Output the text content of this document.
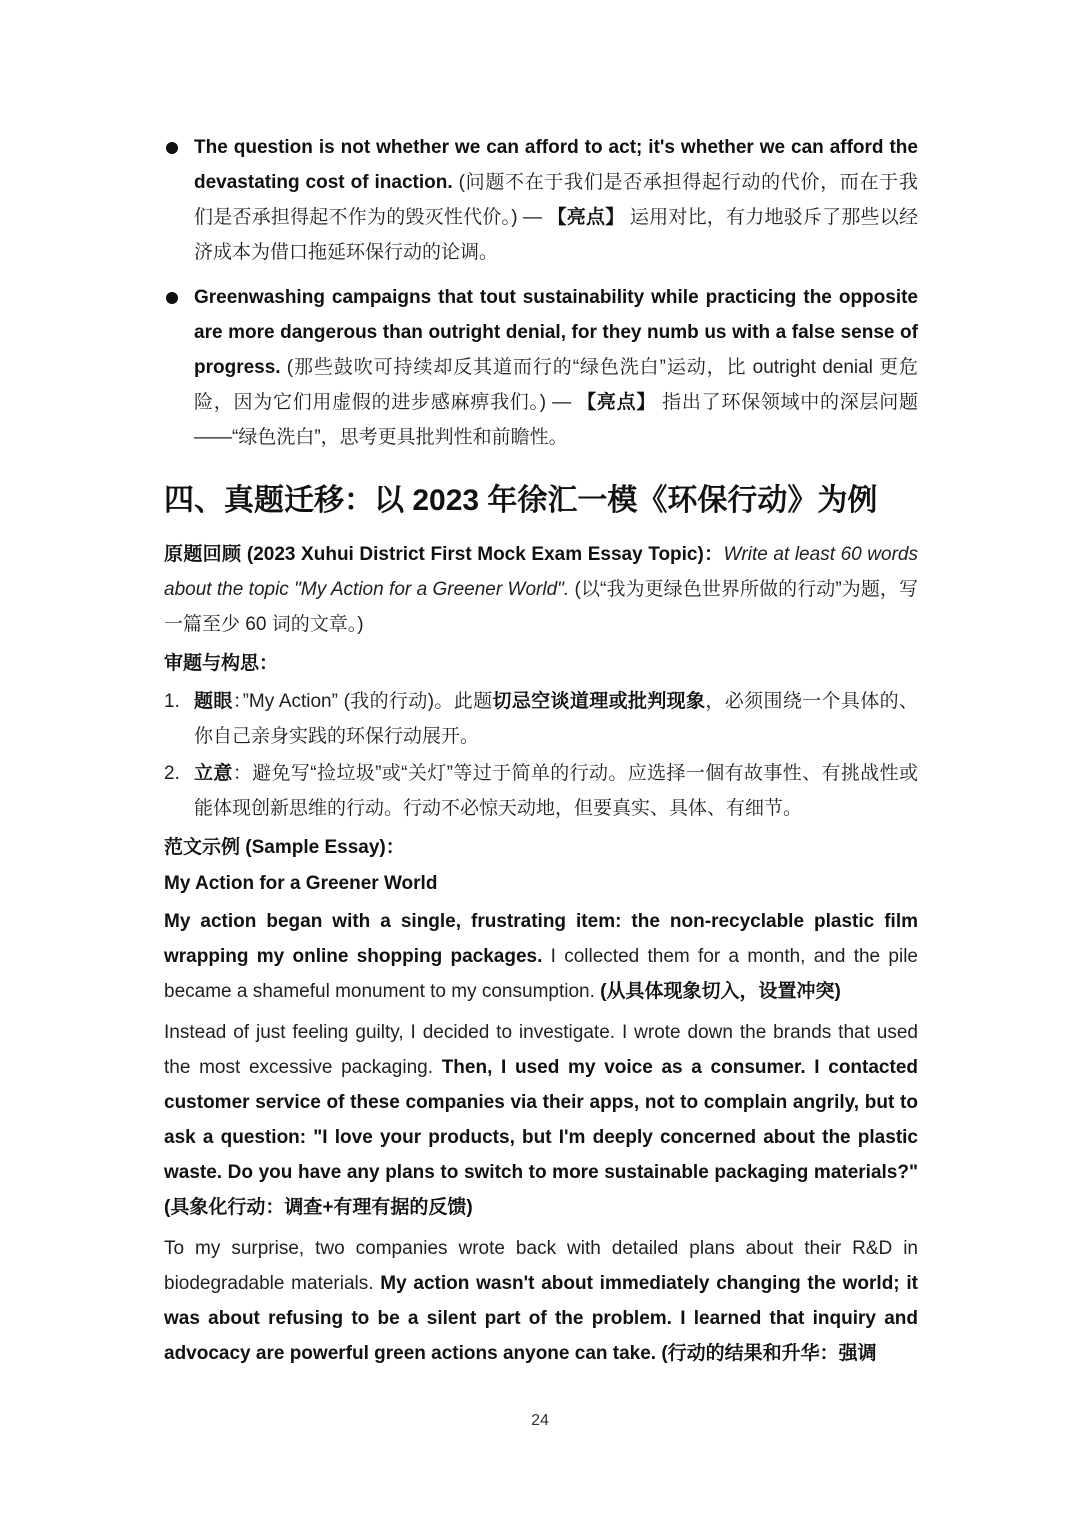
The question is not whether we can afford to act; it's whether we can afford the devastating cost of inaction. (问题不在于我们是否承担得起行动的代价，而在于我们是否承担得起不作为的毁灭性代价。) — 【亮点】 运用对比，有力地驳斥了那些以经济成本为借口拖延环保行动的论调。

Greenwashing campaigns that tout sustainability while practicing the opposite are more dangerous than outright denial, for they numb us with a false sense of progress. (那些鼓吹可持续却反其道而行的“绿色洗白”运动，比 outright denial 更危险，因为它们用虚假的进步感麻痹我们。) — 【亮点】 指出了环保领域中的深层问题——“绿色洗白”，思考更具批判性和前瞻性。

四、真题迁移：以 2023 年徐汇一模《环保行动》为例

原题回顾 (2023 Xuhui District First Mock Exam Essay Topic)：Write at least 60 words about the topic "My Action for a Greener World". (以“我为更绿色世界所做的行动”为题，写一篇至少 60 词的文章。)

审题与构思：
1. 题眼：”My Action” (我的行动)。此题切忌空谈道理或批判现象，必须围绕一个具体的、你自己亲身实践的环保行动展开。

2. 立意：避免写“捡垃圾”或“关灯”等过于简单的行动。应选择一個有故事性、有挑战性或能体现创新思维的行动。行动不必惊天动地，但要真实、具体、有细节。

范文示例 (Sample Essay)：
My Action for a Greener World

My action began with a single, frustrating item: the non-recyclable plastic film wrapping my online shopping packages. I collected them for a month, and the pile became a shameful monument to my consumption. (从具体现象切入，设置冲突)

Instead of just feeling guilty, I decided to investigate. I wrote down the brands that used the most excessive packaging. Then, I used my voice as a consumer. I contacted customer service of these companies via their apps, not to complain angrily, but to ask a question: "I love your products, but I'm deeply concerned about the plastic waste. Do you have any plans to switch to more sustainable packaging materials?" (具象化行动：调查+有理有据的反馈)

To my surprise, two companies wrote back with detailed plans about their R&D in biodegradable materials. My action wasn't about immediately changing the world; it was about refusing to be a silent part of the problem. I learned that inquiry and advocacy are powerful green actions anyone can take. (行动的结果和升华：强调

24
